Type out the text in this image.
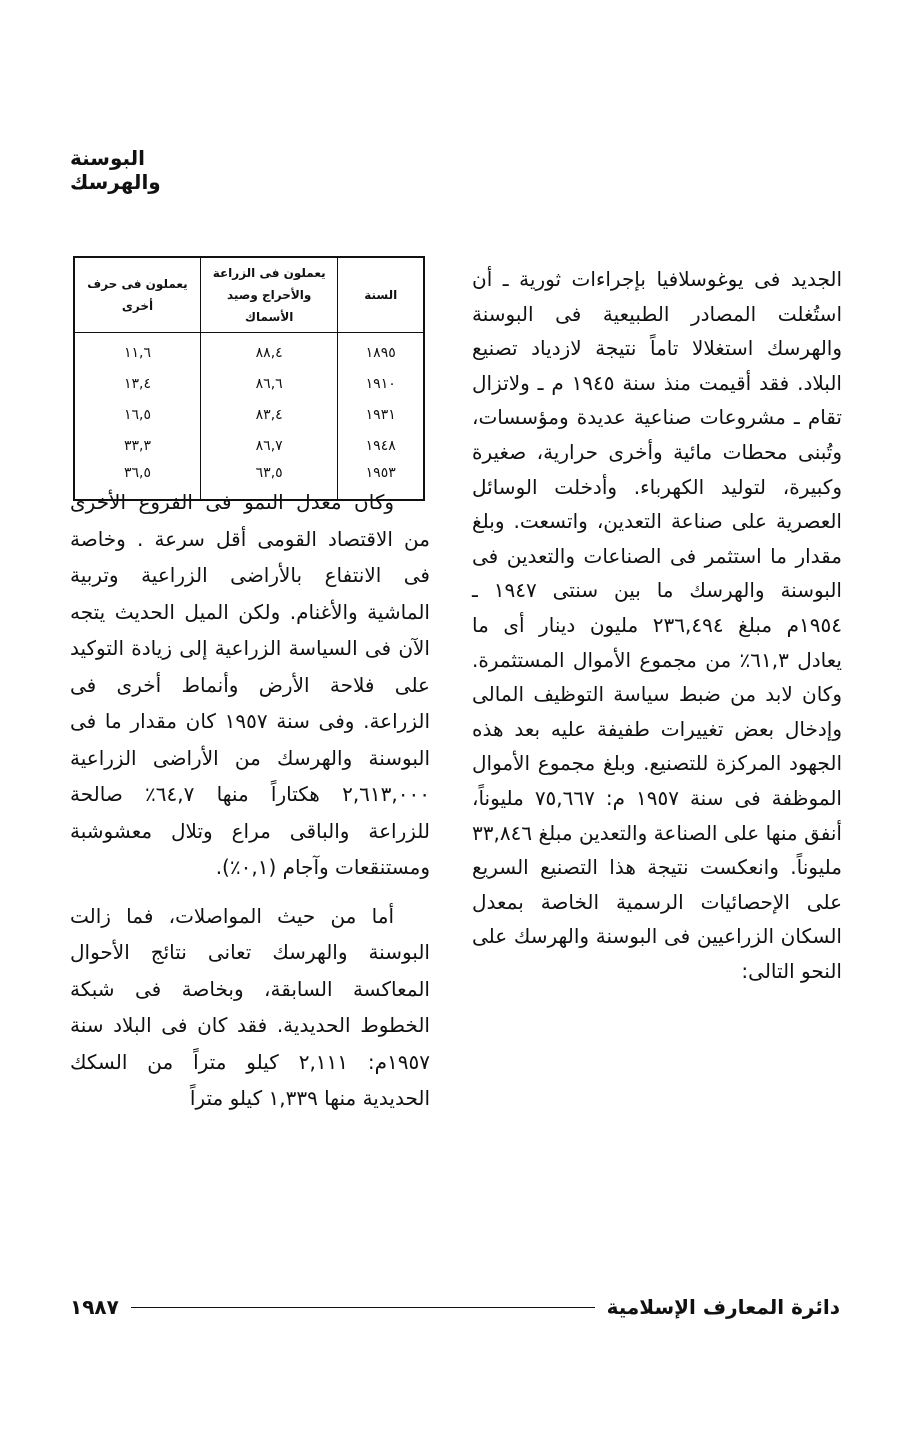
البوسنة والهرسك
السنة	يعملون فى الزراعة والأحراج وصيد الأسماك	يعملون فى حرف أخرى
١٨٩٥	٨٨,٤	١١,٦
١٩١٠	٨٦,٦	١٣,٤
١٩٣١	٨٣,٤	١٦,٥
١٩٤٨	٨٦,٧	٣٣,٣
١٩٥٣	٦٣,٥	٣٦,٥

الجديد فى يوغوسلافيا بإجراءات ثورية ـ أن استُغلت المصادر الطبيعية فى البوسنة والهرسك استغلالا تاماً نتيجة لازدياد تصنيع البلاد. فقد أقيمت منذ سنة ١٩٤٥ م ـ ولاتزال تقام ـ مشروعات صناعية عديدة ومؤسسات، وتُبنى محطات مائية وأخرى حرارية، صغيرة وكبيرة، لتوليد الكهرباء. وأدخلت الوسائل العصرية على صناعة التعدين، واتسعت. وبلغ مقدار ما استثمر فى الصناعات والتعدين فى البوسنة والهرسك ما بين سنتى ١٩٤٧ ـ ١٩٥٤م مبلغ ٢٣٦,٤٩٤ مليون دينار أى ما يعادل ٦١,٣٪ من مجموع الأموال المستثمرة. وكان لابد من ضبط سياسة التوظيف المالى وإدخال بعض تغييرات طفيفة عليه بعد هذه الجهود المركزة للتصنيع. وبلغ مجموع الأموال الموظفة فى سنة ١٩٥٧ م: ٧٥,٦٦٧ مليوناً، أنفق منها على الصناعة والتعدين مبلغ ٣٣,٨٤٦ مليوناً. وانعكست نتيجة هذا التصنيع السريع على الإحصائيات الرسمية الخاصة بمعدل السكان الزراعيين فى البوسنة والهرسك على النحو التالى:

وكان معدل النمو فى الفروع الأخرى من الاقتصاد القومى أقل سرعة . وخاصة فى الانتفاع بالأراضى الزراعية وتربية الماشية والأغنام. ولكن الميل الحديث يتجه الآن فى السياسة الزراعية إلى زيادة التوكيد على فلاحة الأرض وأنماط أخرى فى الزراعة. وفى سنة ١٩٥٧ كان مقدار ما فى البوسنة والهرسك من الأراضى الزراعية ٢,٦١٣,٠٠٠ هكتاراً منها ٦٤,٧٪ صالحة للزراعة والباقى مراع وتلال معشوشبة ومستنقعات وآجام (٠,١٪).

أما من حيث المواصلات، فما زالت البوسنة والهرسك تعانى نتائج الأحوال المعاكسة السابقة، وبخاصة فى شبكة الخطوط الحديدية. فقد كان فى البلاد سنة ١٩٥٧م: ٢,١١١ كيلو متراً من السكك الحديدية منها ١,٣٣٩ كيلو متراً

دائرة المعارف الإسلامية
١٩٨٧
